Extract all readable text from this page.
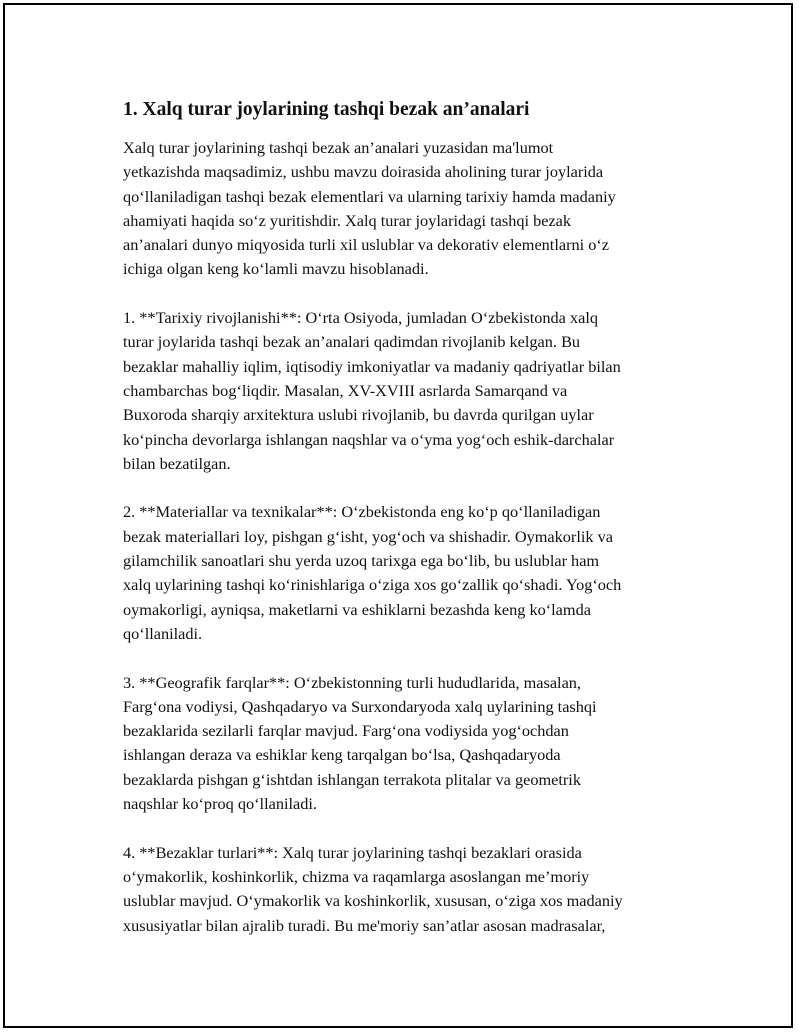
1. Xalq turar joylarining tashqi bezak an’analari

Xalq turar joylarining tashqi bezak an’analari yuzasidan ma'lumot
yetkazishda maqsadimiz, ushbu mavzu doirasida aholining turar joylarida
qo‘llaniladigan tashqi bezak elementlari va ularning tarixiy hamda madaniy
ahamiyati haqida so‘z yuritishdir. Xalq turar joylaridagi tashqi bezak
an’analari dunyo miqyosida turli xil uslublar va dekorativ elementlarni o‘z
ichiga olgan keng ko‘lamli mavzu hisoblanadi.

1. **Tarixiy rivojlanishi**: O‘rta Osiyoda, jumladan O‘zbekistonda xalq
turar joylarida tashqi bezak an’analari qadimdan rivojlanib kelgan. Bu
bezaklar mahalliy iqlim, iqtisodiy imkoniyatlar va madaniy qadriyatlar bilan
chambarchas bog‘liqdir. Masalan, XV-XVIII asrlarda Samarqand va
Buxoroda sharqiy arxitektura uslubi rivojlanib, bu davrda qurilgan uylar
ko‘pincha devorlarga ishlangan naqshlar va o‘yma yog‘och eshik-darchalar
bilan bezatilgan.

2. **Materiallar va texnikalar**: O‘zbekistonda eng ko‘p qo‘llaniladigan
bezak materiallari loy, pishgan g‘isht, yog‘och va shishadir. Oymakorlik va
gilamchilik sanoatlari shu yerda uzoq tarixga ega bo‘lib, bu uslublar ham
xalq uylarining tashqi ko‘rinishlariga o‘ziga xos go‘zallik qo‘shadi. Yog‘och
oymakorligi, ayniqsa, maketlarni va eshiklarni bezashda keng ko‘lamda
qo‘llaniladi.

3. **Geografik farqlar**: O‘zbekistonning turli hududlarida, masalan,
Farg‘ona vodiysi, Qashqadaryo va Surxondaryoda xalq uylarining tashqi
bezaklarida sezilarli farqlar mavjud. Farg‘ona vodiysida yog‘ochdan
ishlangan deraza va eshiklar keng tarqalgan bo‘lsa, Qashqadaryoda
bezaklarda pishgan g‘ishtdan ishlangan terrakota plitalar va geometrik
naqshlar ko‘proq qo‘llaniladi.

4. **Bezaklar turlari**: Xalq turar joylarining tashqi bezaklari orasida
o‘ymakorlik, koshinkorlik, chizma va raqamlarga asoslangan me’moriy
uslublar mavjud. O‘ymakorlik va koshinkorlik, xususan, o‘ziga xos madaniy
xususiyatlar bilan ajralib turadi. Bu me'moriy san’atlar asosan madrasalar,
